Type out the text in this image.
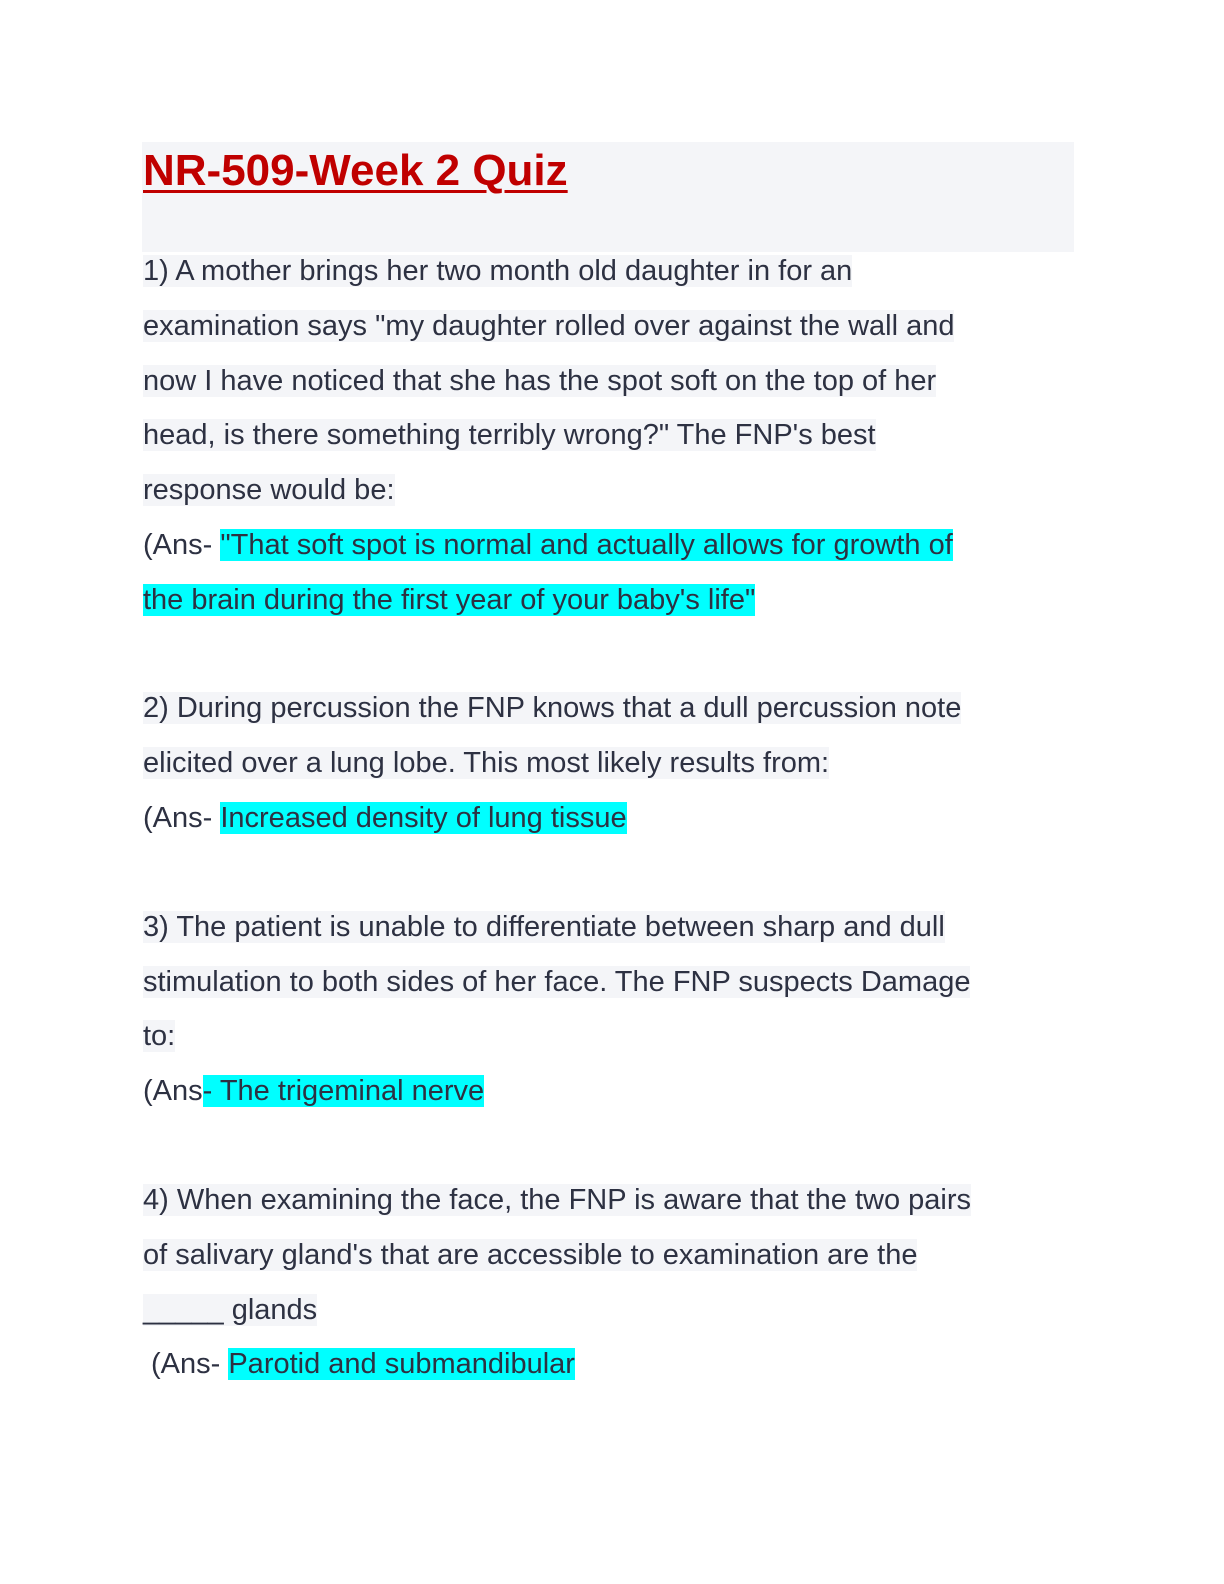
NR-509-Week 2 Quiz
1) A mother brings her two month old daughter in for an
examination says "my daughter rolled over against the wall and
now I have noticed that she has the spot soft on the top of her
head, is there something terribly wrong?" The FNP's best
response would be:
(Ans- "That soft spot is normal and actually allows for growth of
the brain during the first year of your baby's life"
2) During percussion the FNP knows that a dull percussion note
elicited over a lung lobe. This most likely results from:
(Ans- Increased density of lung tissue
3) The patient is unable to differentiate between sharp and dull
stimulation to both sides of her face. The FNP suspects Damage
to:
(Ans- The trigeminal nerve
4) When examining the face, the FNP is aware that the two pairs
of salivary gland's that are accessible to examination are the
_____ glands
(Ans- Parotid and submandibular
